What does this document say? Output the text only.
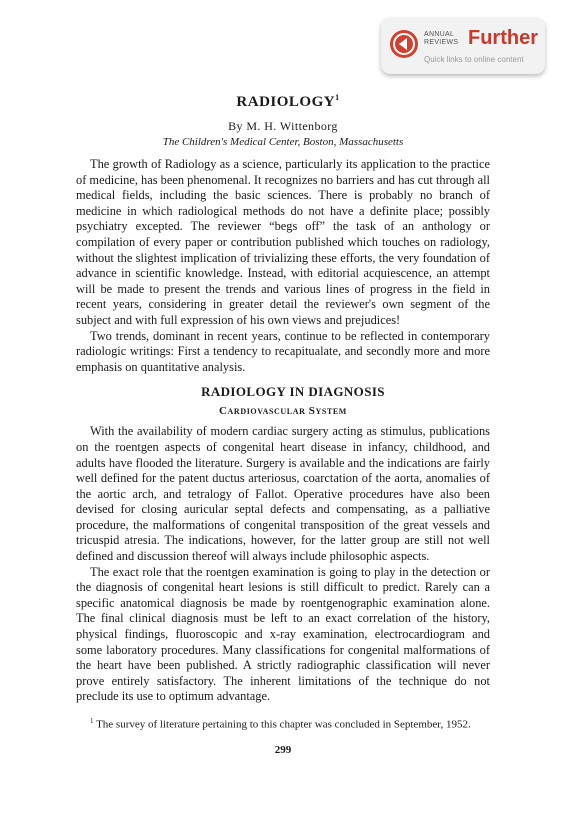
ANNUAL
REVIEWS Further
Quick links to online content
RADIOLOGY$^1$
By M. H. Wittenborg
The Children's Medical Center, Boston, Massachusetts

The growth of Radiology as a science, particularly its application to the practice of medicine, has been phenomenal. It recognizes no barriers and has cut through all medical fields, including the basic sciences. There is probably no branch of medicine in which radiological methods do not have a definite place; possibly psychiatry excepted. The reviewer “begs off” the task of an anthology or compilation of every paper or contribution published which touches on radiology, without the slightest implication of trivializing these efforts, the very foundation of advance in scientific knowledge. Instead, with editorial acquiescence, an attempt will be made to present the trends and various lines of progress in the field in recent years, considering in greater detail the reviewer's own segment of the subject and with full expression of his own views and prejudices!

Two trends, dominant in recent years, continue to be reflected in contemporary radiologic writings: First a tendency to recapitualate, and secondly more and more emphasis on quantitative analysis.

RADIOLOGY IN DIAGNOSIS
Cardiovascular System

With the availability of modern cardiac surgery acting as stimulus, publications on the roentgen aspects of congenital heart disease in infancy, childhood, and adults have flooded the literature. Surgery is available and the indications are fairly well defined for the patent ductus arteriosus, coarctation of the aorta, anomalies of the aortic arch, and tetralogy of Fallot. Operative procedures have also been devised for closing auricular septal defects and compensating, as a palliative procedure, the malformations of congenital transposition of the great vessels and tricuspid atresia. The indications, however, for the latter group are still not well defined and discussion thereof will always include philosophic aspects.

The exact role that the roentgen examination is going to play in the detection or the diagnosis of congenital heart lesions is still difficult to predict. Rarely can a specific anatomical diagnosis be made by roentgenographic examination alone. The final clinical diagnosis must be left to an exact correlation of the history, physical findings, fluoroscopic and x-ray examination, electrocardiogram and some laboratory procedures. Many classifications for congenital malformations of the heart have been published. A strictly radiographic classification will never prove entirely satisfactory. The inherent limitations of the technique do not preclude its use to optimum advantage.

$^1$ The survey of literature pertaining to this chapter was concluded in September, 1952.
299
